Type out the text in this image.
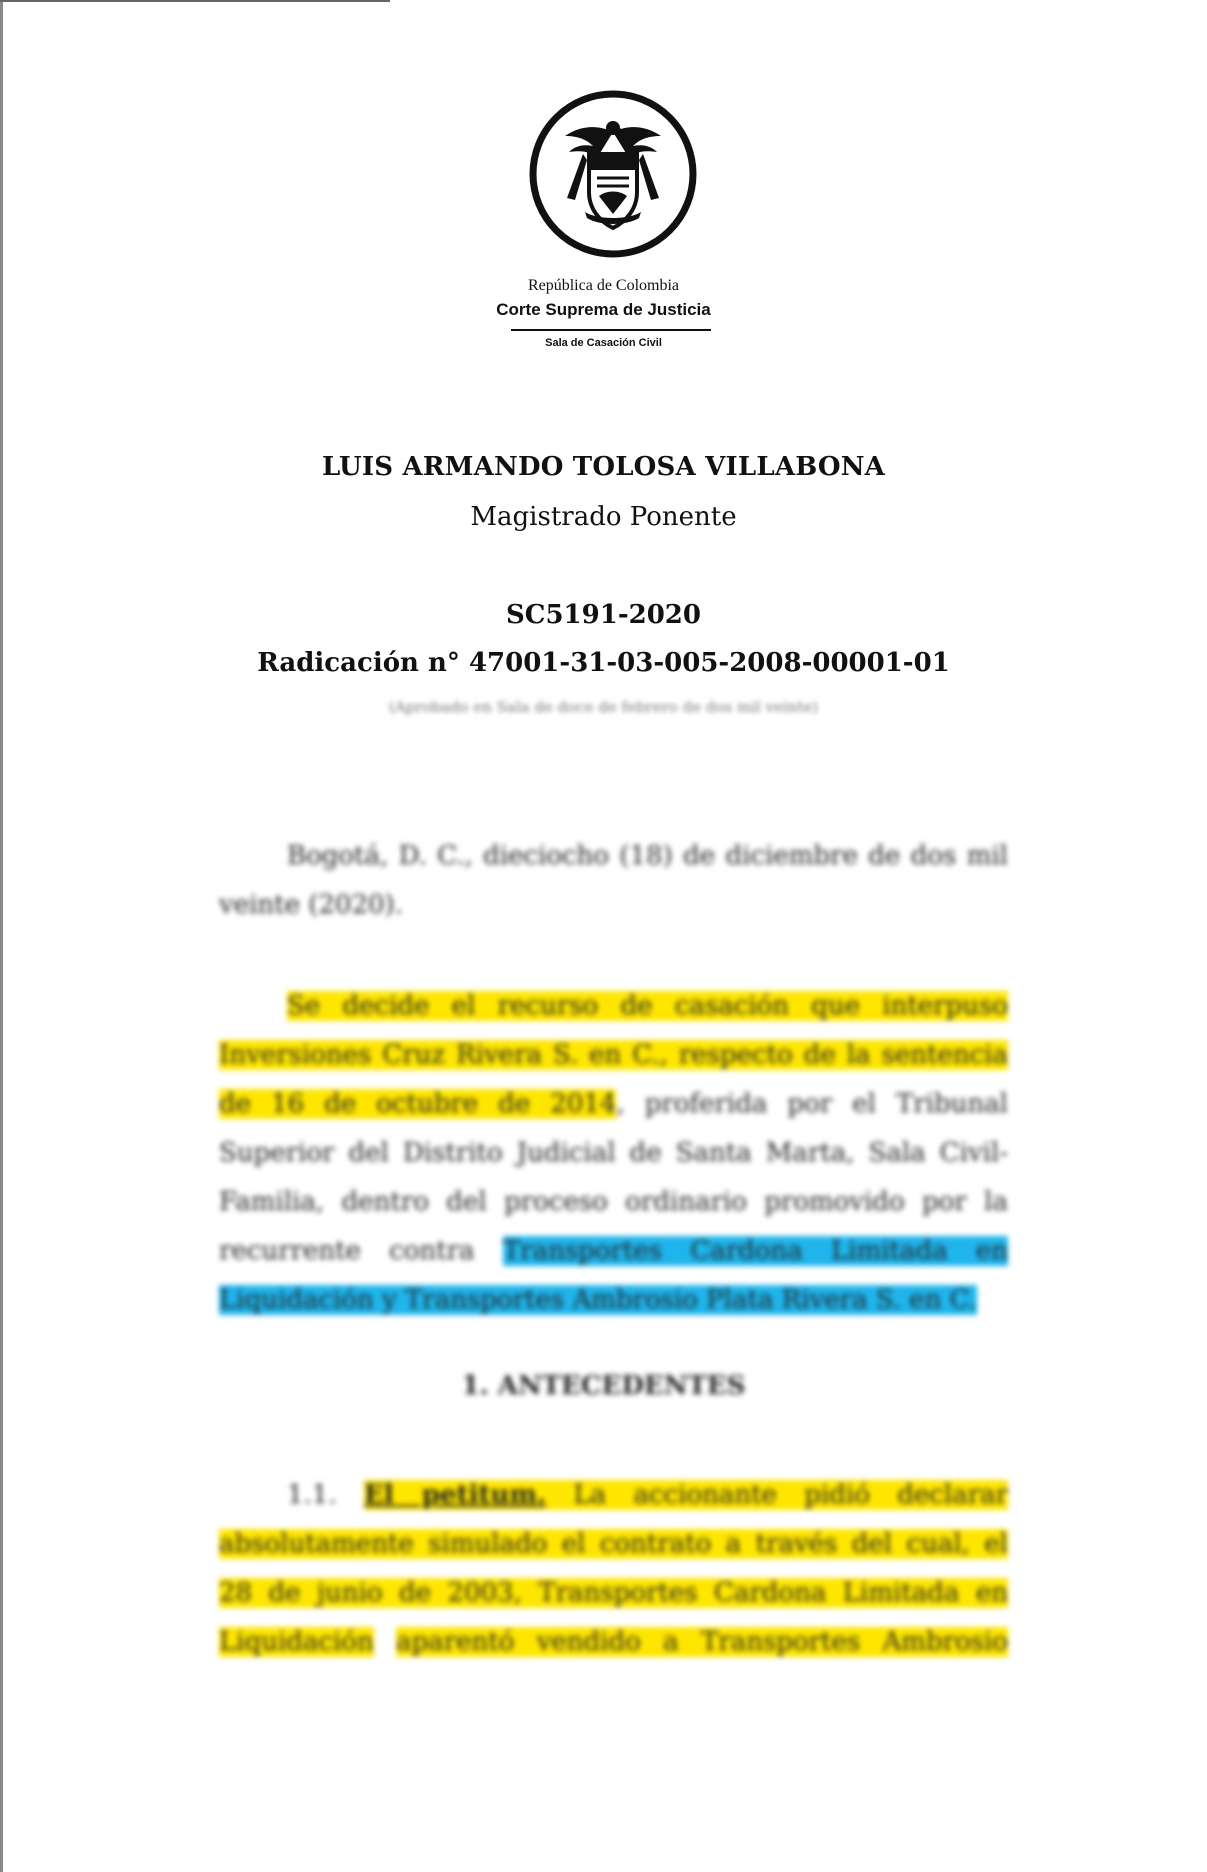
República de Colombia
Corte Suprema de Justicia
Sala de Casación Civil
LUIS ARMANDO TOLOSA VILLABONA
Magistrado Ponente
SC5191-2020
Radicación n° 47001-31-03-005-2008-00001-01
(Aprobado en Sala de doce de febrero de dos mil veinte)
Bogotá, D. C., dieciocho (18) de diciembre de dos mil
veinte (2020).
Se decide el recurso de casación que interpuso
Inversiones Cruz Rivera S. en C., respecto de la sentencia
de 16 de octubre de 2014, proferida por el Tribunal
Superior del Distrito Judicial de Santa Marta, Sala Civil-
Familia, dentro del proceso ordinario promovido por la
recurrente contra Transportes Cardona Limitada en
Liquidación y Transportes Ambrosio Plata Rivera S. en C.
1. ANTECEDENTES
1.1. El petitum. La accionante pidió declarar
absolutamente simulado el contrato a través del cual, el
28 de junio de 2003, Transportes Cardona Limitada en
Liquidación aparentó vendido a Transportes Ambrosio
